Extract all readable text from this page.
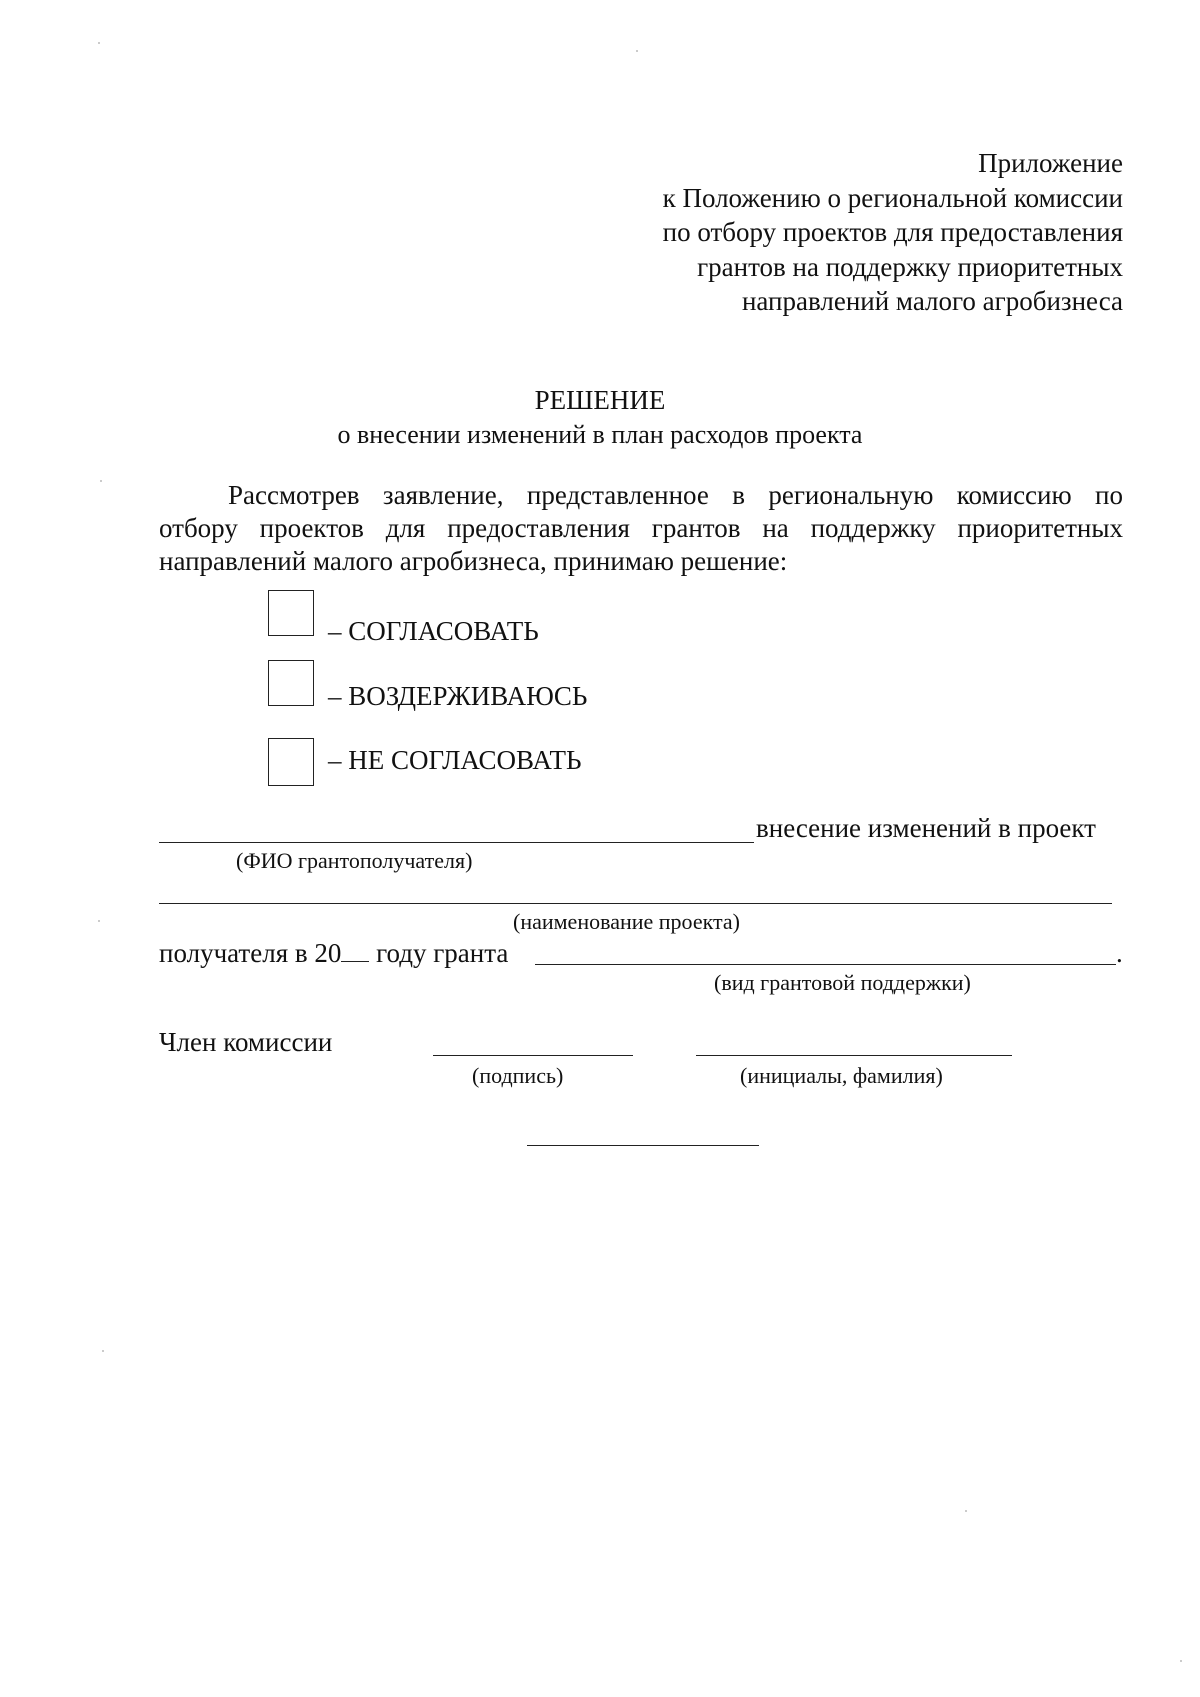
Приложение
к Положению о региональной комиссии
по отбору проектов для предоставления
грантов на поддержку приоритетных
направлений малого агробизнеса
РЕШЕНИЕ
о внесении изменений в план расходов проекта
Рассмотрев заявление, представленное в региональную комиссию по
отбору проектов для предоставления грантов на поддержку приоритетных
направлений малого агробизнеса, принимаю решение:
– СОГЛАСОВАТЬ
– ВОЗДЕРЖИВАЮСЬ
– НЕ СОГЛАСОВАТЬ
внесение изменений в проект
(ФИО грантополучателя)
(наименование проекта)
получателя в 20 году гранта	.
(вид грантовой поддержки)
Член комиссии
(подпись)	(инициалы, фамилия)
